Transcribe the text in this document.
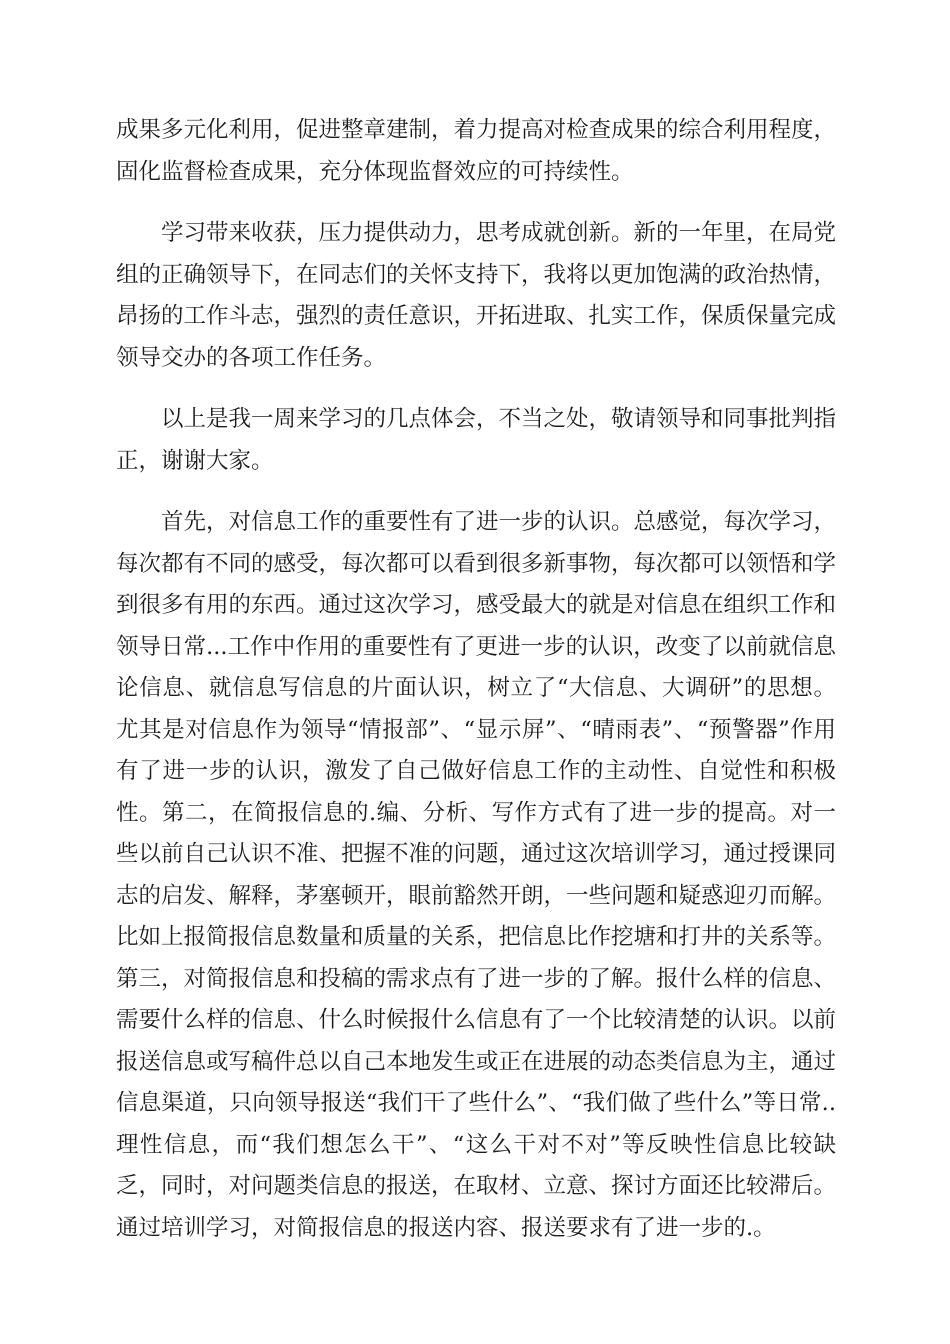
成果多元化利用，促进整章建制，着力提高对检查成果的综合利用程度，固化监督检查成果，充分体现监督效应的可持续性。

学习带来收获，压力提供动力，思考成就创新。新的一年里，在局党组的正确领导下，在同志们的关怀支持下，我将以更加饱满的政治热情，昂扬的工作斗志，强烈的责任意识，开拓进取、扎实工作，保质保量完成领导交办的各项工作任务。

以上是我一周来学习的几点体会，不当之处，敬请领导和同事批判指正，谢谢大家。

首先，对信息工作的重要性有了进一步的认识。总感觉，每次学习，每次都有不同的感受，每次都可以看到很多新事物，每次都可以领悟和学到很多有用的东西。通过这次学习，感受最大的就是对信息在组织工作和领导日常...工作中作用的重要性有了更进一步的认识，改变了以前就信息论信息、就信息写信息的片面认识，树立了“大信息、大调研”的思想。尤其是对信息作为领导“情报部”、“显示屏”、“晴雨表”、“预警器”作用有了进一步的认识，激发了自己做好信息工作的主动性、自觉性和积极性。第二，在简报信息的.编、分析、写作方式有了进一步的提高。对一些以前自己认识不准、把握不准的问题，通过这次培训学习，通过授课同志的启发、解释，茅塞顿开，眼前豁然开朗，一些问题和疑惑迎刃而解。比如上报简报信息数量和质量的关系，把信息比作挖塘和打井的关系等。第三，对简报信息和投稿的需求点有了进一步的了解。报什么样的信息、需要什么样的信息、什么时候报什么信息有了一个比较清楚的认识。以前报送信息或写稿件总以自己本地发生或正在进展的动态类信息为主，通过信息渠道，只向领导报送“我们干了些什么”、“我们做了些什么”等日常..理性信息，而“我们想怎么干”、“这么干对不对”等反映性信息比较缺乏，同时，对问题类信息的报送，在取材、立意、探讨方面还比较滞后。通过培训学习，对简报信息的报送内容、报送要求有了进一步的.。
